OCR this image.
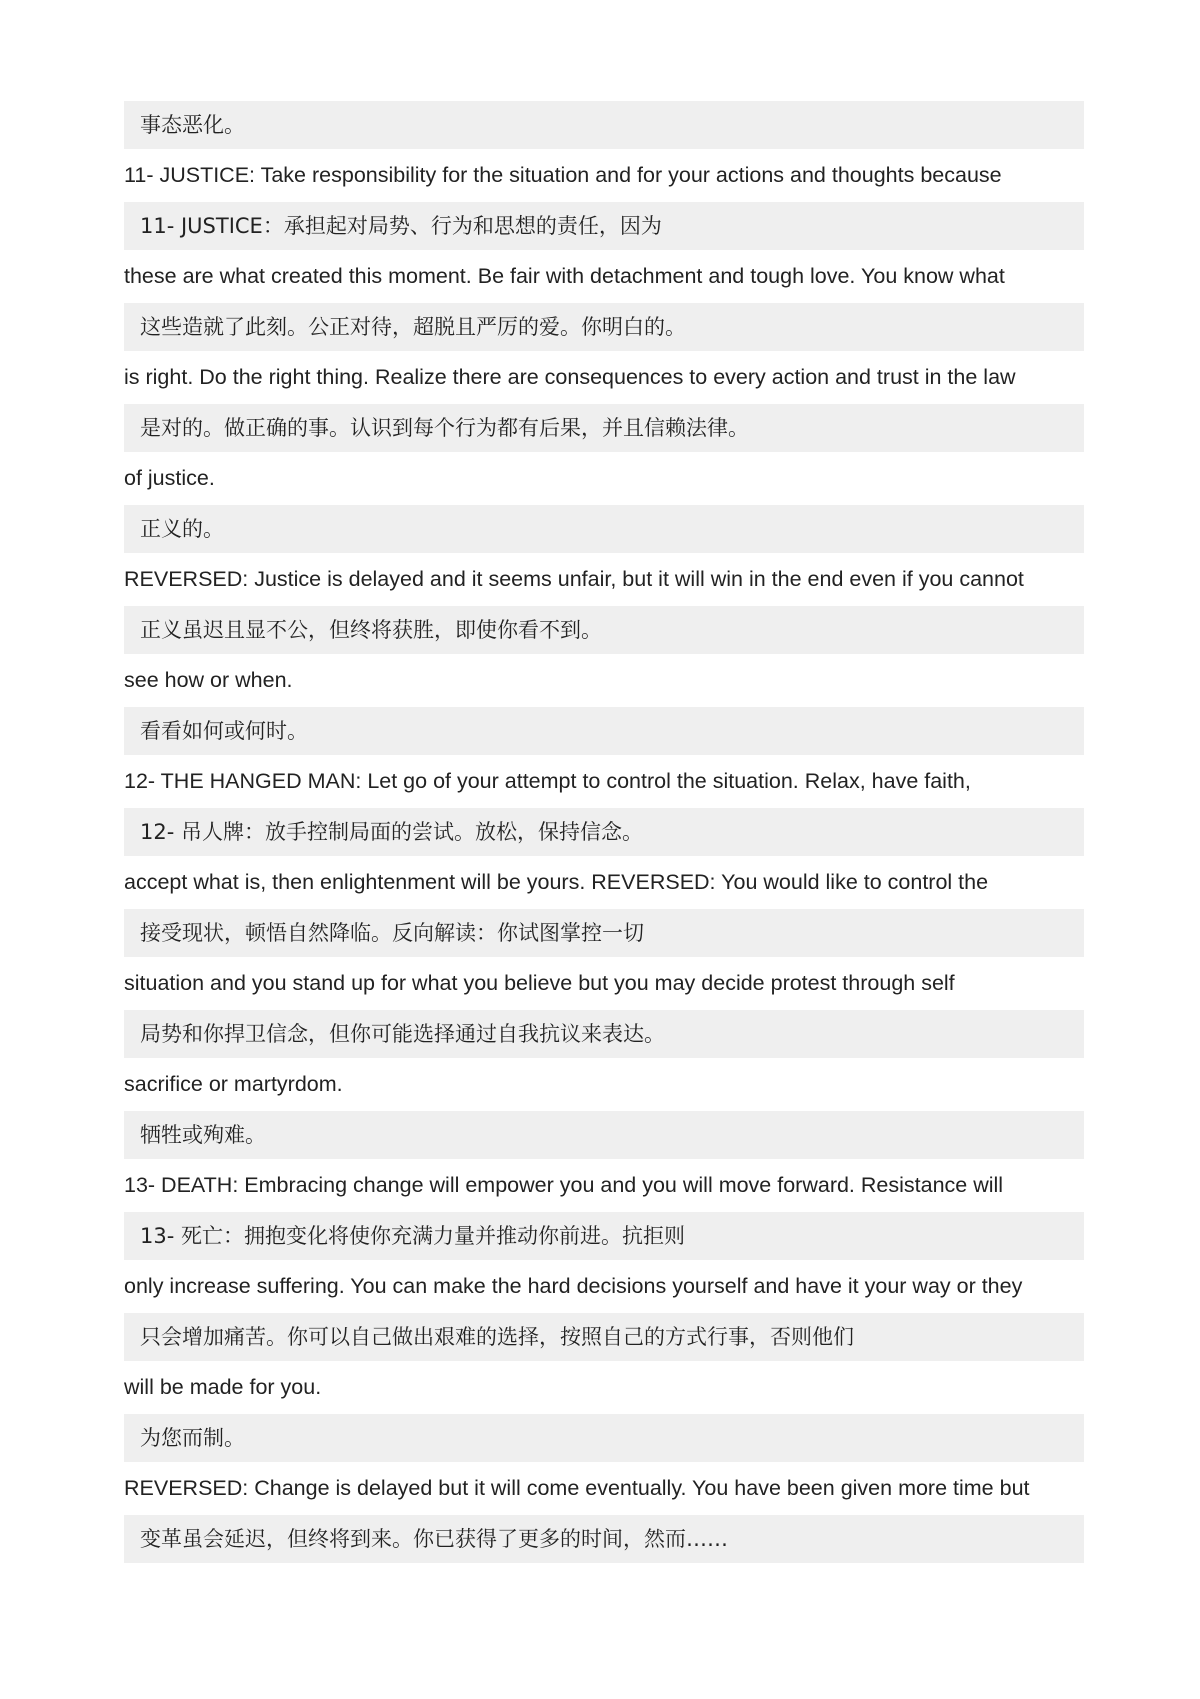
事态恶化。
11- JUSTICE: Take responsibility for the situation and for your actions and thoughts because
11- JUSTICE：承担起对局势、行为和思想的责任，因为
these are what created this moment. Be fair with detachment and tough love. You know what
这些造就了此刻。公正对待，超脱且严厉的爱。你明白的。
is right. Do the right thing. Realize there are consequences to every action and trust in the law
是对的。做正确的事。认识到每个行为都有后果，并且信赖法律。
of justice.
正义的。
REVERSED: Justice is delayed and it seems unfair, but it will win in the end even if you cannot
正义虽迟且显不公，但终将获胜，即使你看不到。
see how or when.
看看如何或何时。
12- THE HANGED MAN: Let go of your attempt to control the situation. Relax, have faith,
12- 吊人牌：放手控制局面的尝试。放松，保持信念。
accept what is, then enlightenment will be yours. REVERSED: You would like to control the
接受现状，顿悟自然降临。反向解读：你试图掌控一切
situation and you stand up for what you believe but you may decide protest through self
局势和你捍卫信念，但你可能选择通过自我抗议来表达。
sacrifice or martyrdom.
牺牲或殉难。
13- DEATH: Embracing change will empower you and you will move forward. Resistance will
13- 死亡：拥抱变化将使你充满力量并推动你前进。抗拒则
only increase suffering. You can make the hard decisions yourself and have it your way or they
只会增加痛苦。你可以自己做出艰难的选择，按照自己的方式行事，否则他们
will be made for you.
为您而制。
REVERSED: Change is delayed but it will come eventually. You have been given more time but
变革虽会延迟，但终将到来。你已获得了更多的时间，然而……
